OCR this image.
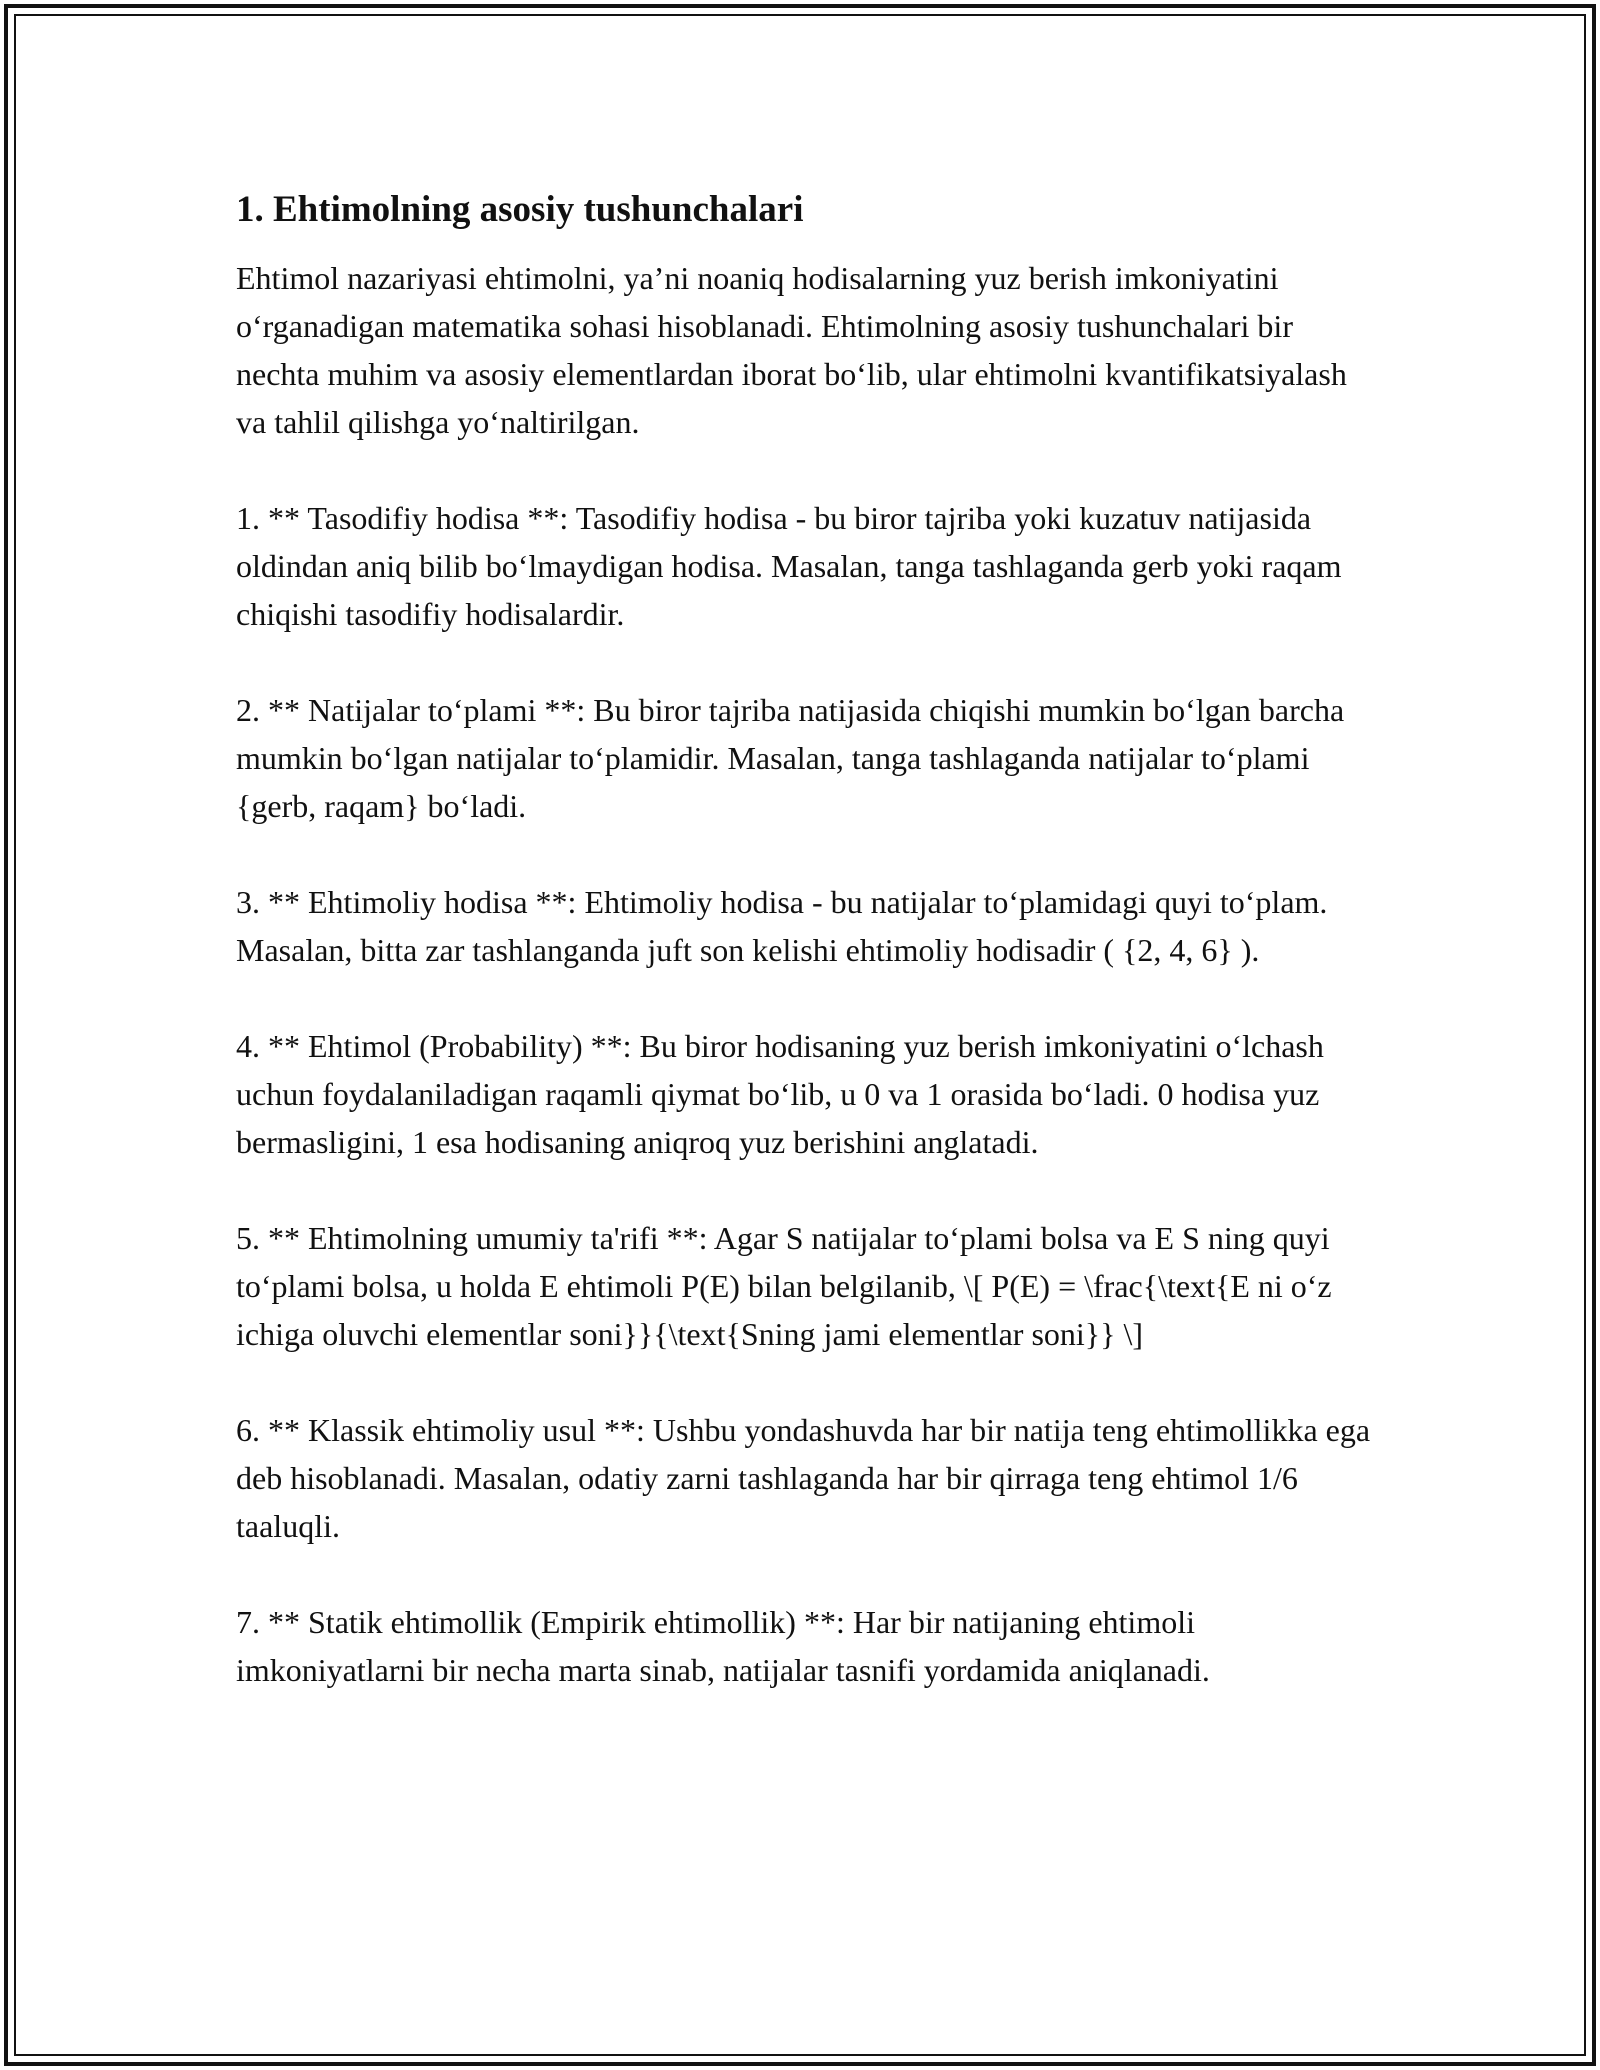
1. Ehtimolning asosiy tushunchalari

Ehtimol nazariyasi ehtimolni, ya’ni noaniq hodisalarning yuz berish imkoniyatini o‘rganadigan matematika sohasi hisoblanadi. Ehtimolning asosiy tushunchalari bir nechta muhim va asosiy elementlardan iborat bo‘lib, ular ehtimolni kvantifikatsiyalash va tahlil qilishga yo‘naltirilgan.

1. ** Tasodifiy hodisa **: Tasodifiy hodisa - bu biror tajriba yoki kuzatuv natijasida oldindan aniq bilib bo‘lmaydigan hodisa. Masalan, tanga tashlaganda gerb yoki raqam chiqishi tasodifiy hodisalardir.

2. ** Natijalar to‘plami **: Bu biror tajriba natijasida chiqishi mumkin bo‘lgan barcha mumkin bo‘lgan natijalar to‘plamidir. Masalan, tanga tashlaganda natijalar to‘plami {gerb, raqam} bo‘ladi.

3. ** Ehtimoliy hodisa **: Ehtimoliy hodisa - bu natijalar to‘plamidagi quyi to‘plam. Masalan, bitta zar tashlanganda juft son kelishi ehtimoliy hodisadir ( {2, 4, 6} ).

4. ** Ehtimol (Probability) **: Bu biror hodisaning yuz berish imkoniyatini o‘lchash uchun foydalaniladigan raqamli qiymat bo‘lib, u 0 va 1 orasida bo‘ladi. 0 hodisa yuz bermasligini, 1 esa hodisaning aniqroq yuz berishini anglatadi.

5. ** Ehtimolning umumiy ta'rifi **: Agar S natijalar to‘plami bolsa va E S ning quyi to‘plami bolsa, u holda E ehtimoli P(E) bilan belgilanib, \[ P(E) = \frac{\text{E ni o‘z ichiga oluvchi elementlar soni}}{\text{Sning jami elementlar soni}} \]

6. ** Klassik ehtimoliy usul **: Ushbu yondashuvda har bir natija teng ehtimollikka ega deb hisoblanadi. Masalan, odatiy zarni tashlaganda har bir qirraga teng ehtimol 1/6 taaluqli.

7. ** Statik ehtimollik (Empirik ehtimollik) **: Har bir natijaning ehtimoli imkoniyatlarni bir necha marta sinab, natijalar tasnifi yordamida aniqlanadi.
